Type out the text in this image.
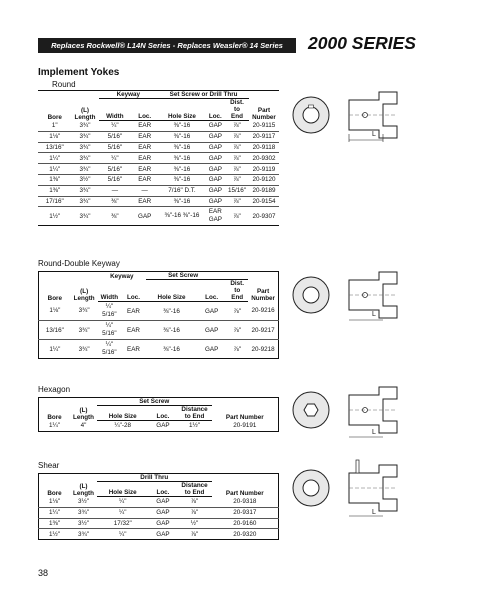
Replaces Rockwell® L14N Series - Replaces Weasler® 14 Series	2000 SERIES
Implement Yokes
Round
Bore	(L) Length	Keyway		Set Screw or Drill Thru			Part Number
		Width	Loc.	Hole Size	Loc.	Dist. to End	
1"	3¾"	¼"	EAR	⅜"-16	GAP	⅞"	20-9115
1⅛"	3¾"	5/16"	EAR	⅜"-16	GAP	⅞"	20-9117
13/16"	3¾"	5/16"	EAR	⅜"-16	GAP	⅞"	20-9118
1¼"	3¾"	¼"	EAR	⅜"-16	GAP	⅞"	20-9302
1¼"	3¾"	5/16"	EAR	⅜"-16	GAP	⅞"	20-9119
1⅜"	3½"	5/16"	EAR	⅜"-16	GAP	⅞"	20-9120
1⅜"	3¾"	—	—	7/16" D.T.	GAP	15/16"	20-9189
17/16"	3¾"	⅜"	EAR	⅜"-16	GAP	⅞"	20-9154
1½"	3¾"	⅜"	GAP	⅜"-16 ⅜"-16	EAR GAP	⅞"	20-9307
L
Round-Double Keyway
Bore	(L) Length	Keyway		Set Screw			Part Number
		Width	Loc.	Hole Size	Loc.	Dist. to End	
1⅛"	3¾"	¼" 5/16"	EAR	⅜"-16	GAP	⅞"	20-9216
13/16"	3¾"	¼" 5/16"	EAR	⅜"-16	GAP	⅞"	20-9217
1¼"	3¾"	¼" 5/16"	EAR	⅜"-16	GAP	⅞"	20-9218
L
Hexagon
Bore	(L) Length	Set Screw			Part Number
		Hole Size	Loc.	Distance to End	
1¼"	4"	¼"-28	GAP	1½"	20-9191
L
Shear
Bore	(L) Length	Drill Thru			Part Number
		Hole Size	Loc.	Distance to End	
1⅛"	3½"	¼"	GAP	⅞"	20-9318
1¼"	3¾"	¼"	GAP	⅞"	20-9317
1⅜"	3½"	17/32"	GAP	½"	20-9160
1½"	3¾"	¼"	GAP	⅞"	20-9320
L
38
